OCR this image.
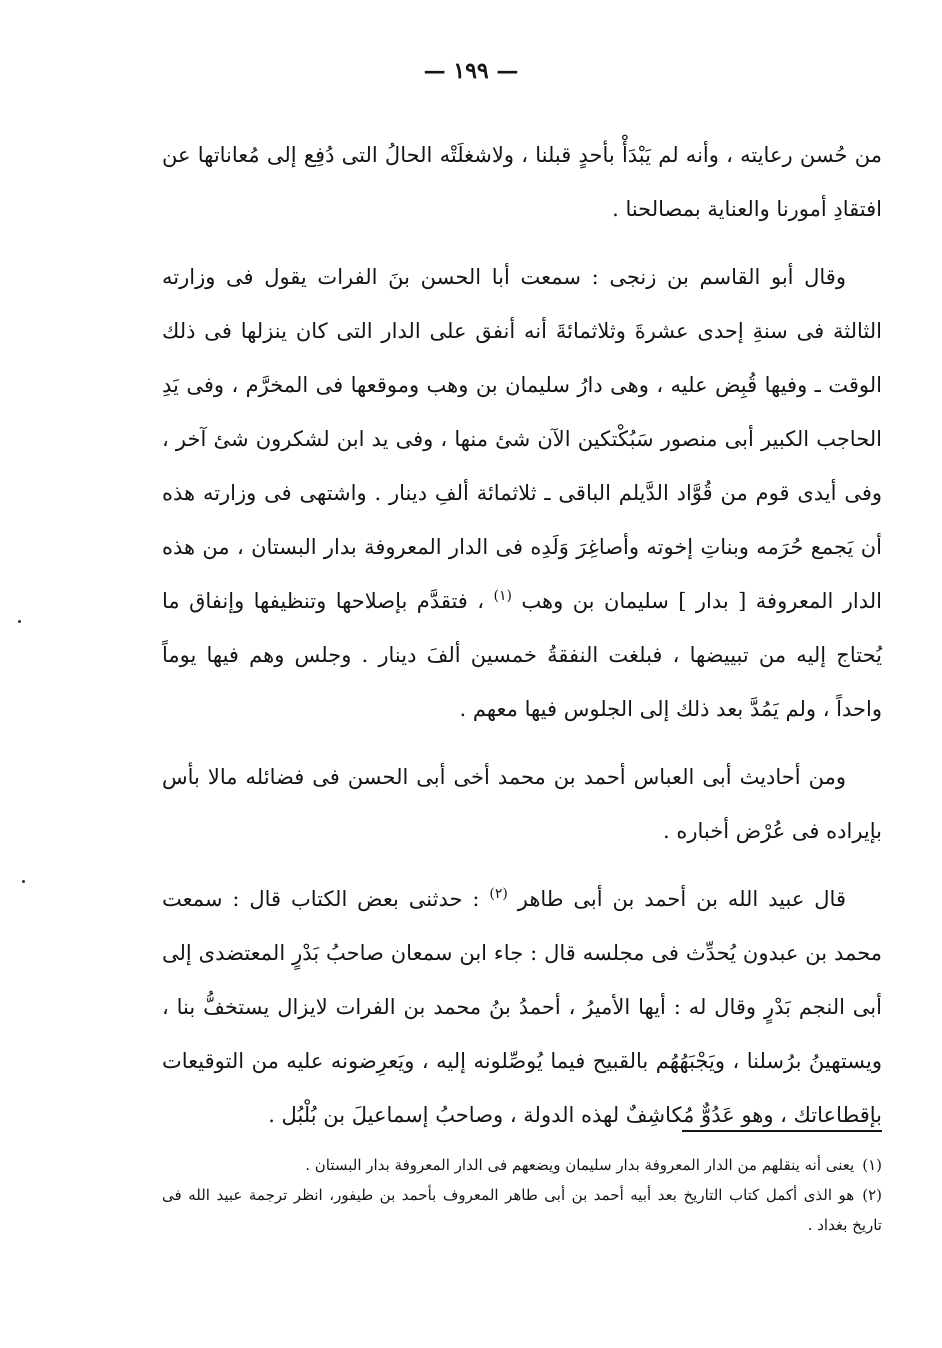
— ١٩٩ —

من حُسن رعايته ، وأنه لم يَبْدَأْ بأحدٍ قبلنا ، ولاشغلَتْه الحالُ التى دُفِع إلى مُعاناتها عن افتقادِ أمورنا والعناية بمصالحنا .

وقال أبو القاسم بن زنجى : سمعت أبا الحسن بنَ الفرات يقول فى وزارته الثالثة فى سنةِ إحدى عشرةَ وثلاثمائةَ أنه أنفق على الدار التى كان ينزلها فى ذلك الوقت ـ وفيها قُبِض عليه ، وهى دارُ سليمان بن وهب وموقعها فى المخرَّم ، وفى يَدِ الحاجب الكبير أبى منصور سَبُكْتكين الآن شئ منها ، وفى يد ابن لشكرون شئ آخر ، وفى أيدى قوم من قُوَّاد الدَّيلم الباقى ـ ثلاثمائة ألفِ دينار . واشتهى فى وزارته هذه أن يَجمع حُرَمه وبناتِ إخوته وأصاغِرَ وَلَدِه فى الدار المعروفة بدار البستان ، من هذه الدار المعروفة [ بدار ] سليمان بن وهب $^{(١)}$ ، فتقدَّم بإصلاحها وتنظيفها وإنفاق ما يُحتاج إليه من تبييضها ، فبلغت النفقةُ خمسين ألفَ دينار . وجلس وهم فيها يوماً واحداً ، ولم يَمُدَّ بعد ذلك إلى الجلوس فيها معهم .

ومن أحاديث أبى العباس أحمد بن محمد أخى أبى الحسن فى فضائله مالا بأس بإيراده فى عُرْض أخباره .

قال عبيد الله بن أحمد بن أبى طاهر $^{(٢)}$ : حدثنى بعض الكتاب قال : سمعت محمد بن عبدون يُحدِّث فى مجلسه قال : جاء ابن سمعان صاحبُ بَدْرٍ المعتضدى إلى أبى النجم بَدْرٍ وقال له : أيها الأميرُ ، أحمدُ بنُ محمد بن الفرات لايزال يستخفُّ بنا ، ويستهينُ برُسلنا ، ويَجْبَهُهُم بالقبيح فيما يُوصِّلونه إليه ، ويَعرِضونه عليه من التوقيعات بإقطاعاتك ، وهو عَدُوٌّ مُكاشِفٌ لهذه الدولة ، وصاحبُ إسماعيلَ بن بُلْبُل .

(١)يعنى أنه ينقلهم من الدار المعروفة بدار سليمان ويضعهم فى الدار المعروفة بدار البستان .

(٢)هو الذى أكمل كتاب التاريخ بعد أبيه أحمد بن أبى طاهر المعروف بأحمد بن طيفور، انظر ترجمة عبيد الله فى تاريخ بغداد .
